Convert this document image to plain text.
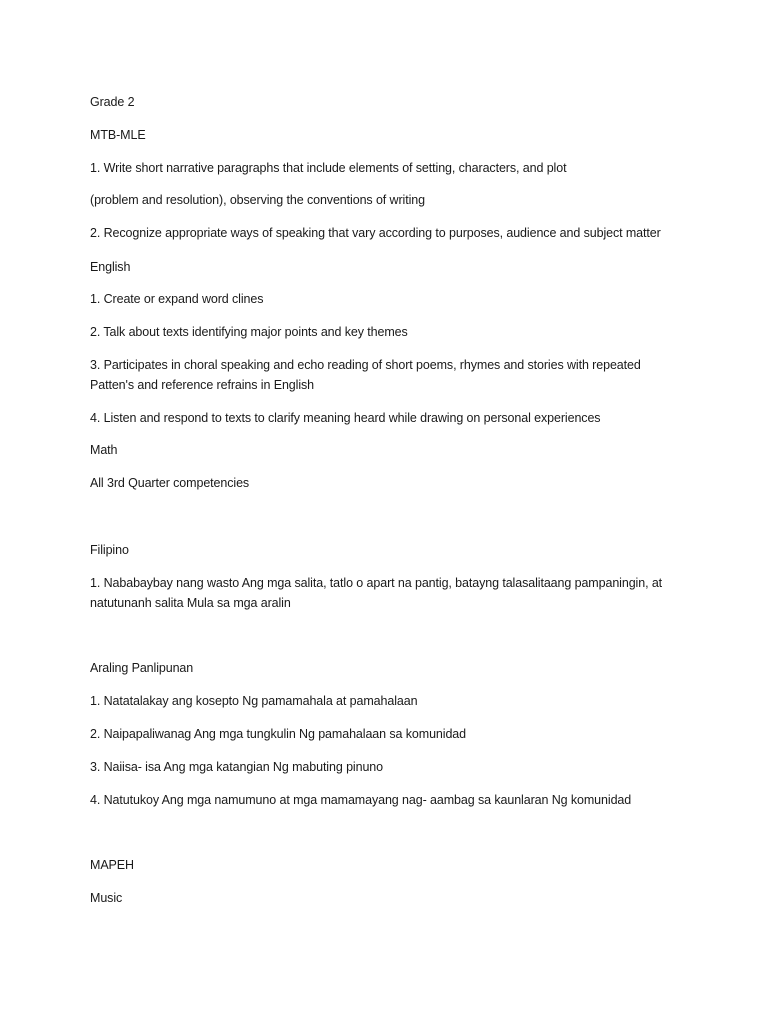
Grade 2
MTB-MLE
1. Write short narrative paragraphs that include elements of setting, characters, and plot
(problem and resolution), observing the conventions of writing
2. Recognize appropriate ways of speaking that vary according to purposes, audience and subject matter
English
1. Create or expand word clines
2. Talk about texts identifying major points and key themes
3. Participates in choral speaking and echo reading of short poems, rhymes and stories with repeated
Patten's and reference refrains in English
4. Listen and respond to texts to clarify meaning heard while drawing on personal experiences
Math
All 3rd Quarter competencies
Filipino
1. Nababaybay nang wasto Ang mga salita, tatlo o apart na pantig, batayng talasalitaang pampaningin, at
natutunanh salita Mula sa mga aralin
Araling Panlipunan
1. Natatalakay ang kosepto Ng pamamahala at pamahalaan
2. Naipapaliwanag Ang mga tungkulin Ng pamahalaan sa komunidad
3. Naiisa- isa Ang mga katangian Ng mabuting pinuno
4. Natutukoy Ang mga namumuno at mga mamamayang nag- aambag sa kaunlaran Ng komunidad
MAPEH
Music
